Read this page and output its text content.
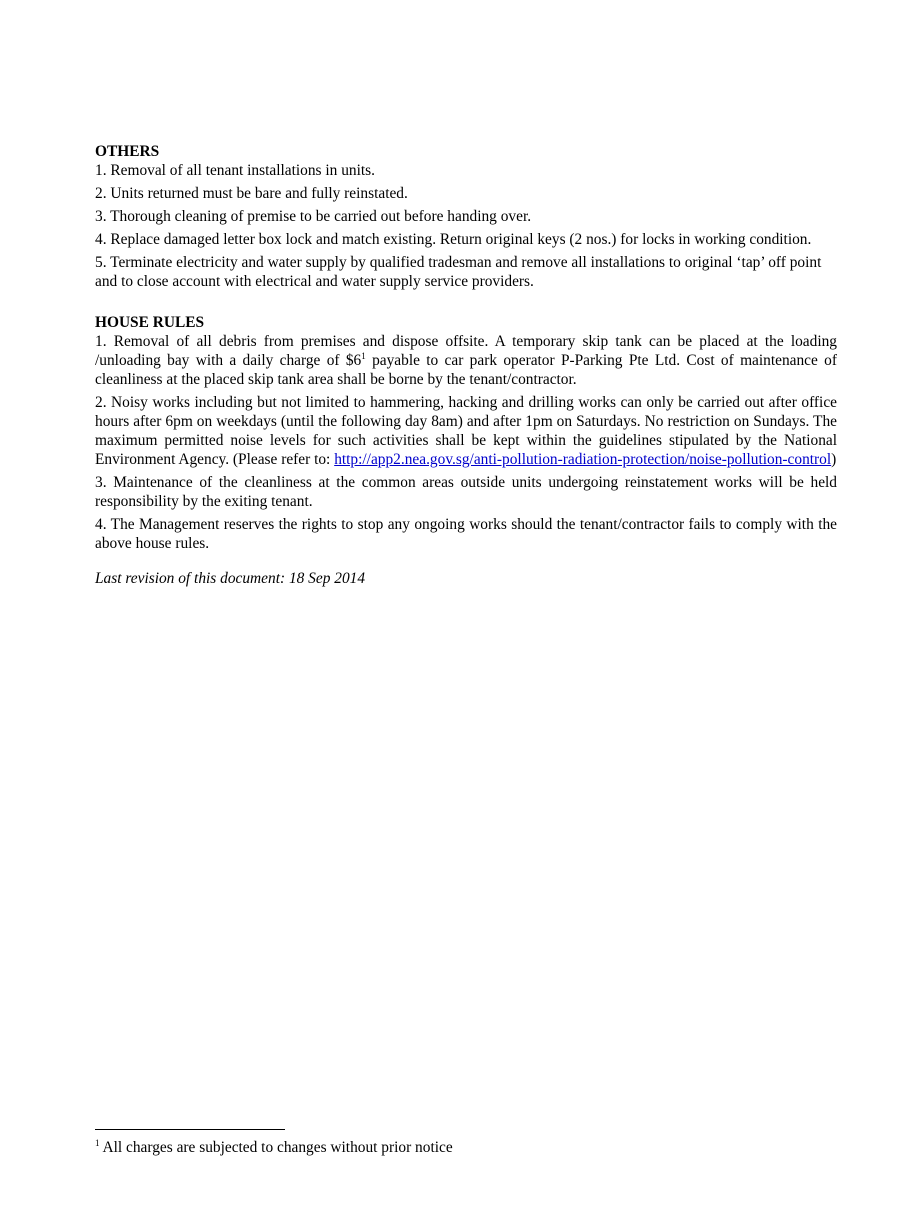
OTHERS

1. Removal of all tenant installations in units.

2. Units returned must be bare and fully reinstated.

3. Thorough cleaning of premise to be carried out before handing over.

4. Replace damaged letter box lock and match existing. Return original keys (2 nos.) for locks in working condition.

5. Terminate electricity and water supply by qualified tradesman and remove all installations to original ‘tap’ off point and to close account with electrical and water supply service providers.

HOUSE RULES

1. Removal of all debris from premises and dispose offsite. A temporary skip tank can be placed at the loading /unloading bay with a daily charge of $\$6^1$ payable to car park operator P-Parking Pte Ltd. Cost of maintenance of cleanliness at the placed skip tank area shall be borne by the tenant/contractor.

2. Noisy works including but not limited to hammering, hacking and drilling works can only be carried out after office hours after 6pm on weekdays (until the following day 8am) and after 1pm on Saturdays. No restriction on Sundays. The maximum permitted noise levels for such activities shall be kept within the guidelines stipulated by the National Environment Agency. (Please refer to: http://app2.nea.gov.sg/anti-pollution-radiation-protection/noise-pollution-control)

3. Maintenance of the cleanliness at the common areas outside units undergoing reinstatement works will be held responsibility by the exiting tenant.

4. The Management reserves the rights to stop any ongoing works should the tenant/contractor fails to comply with the above house rules.

Last revision of this document: 18 Sep 2014

$^1$ All charges are subjected to changes without prior notice
